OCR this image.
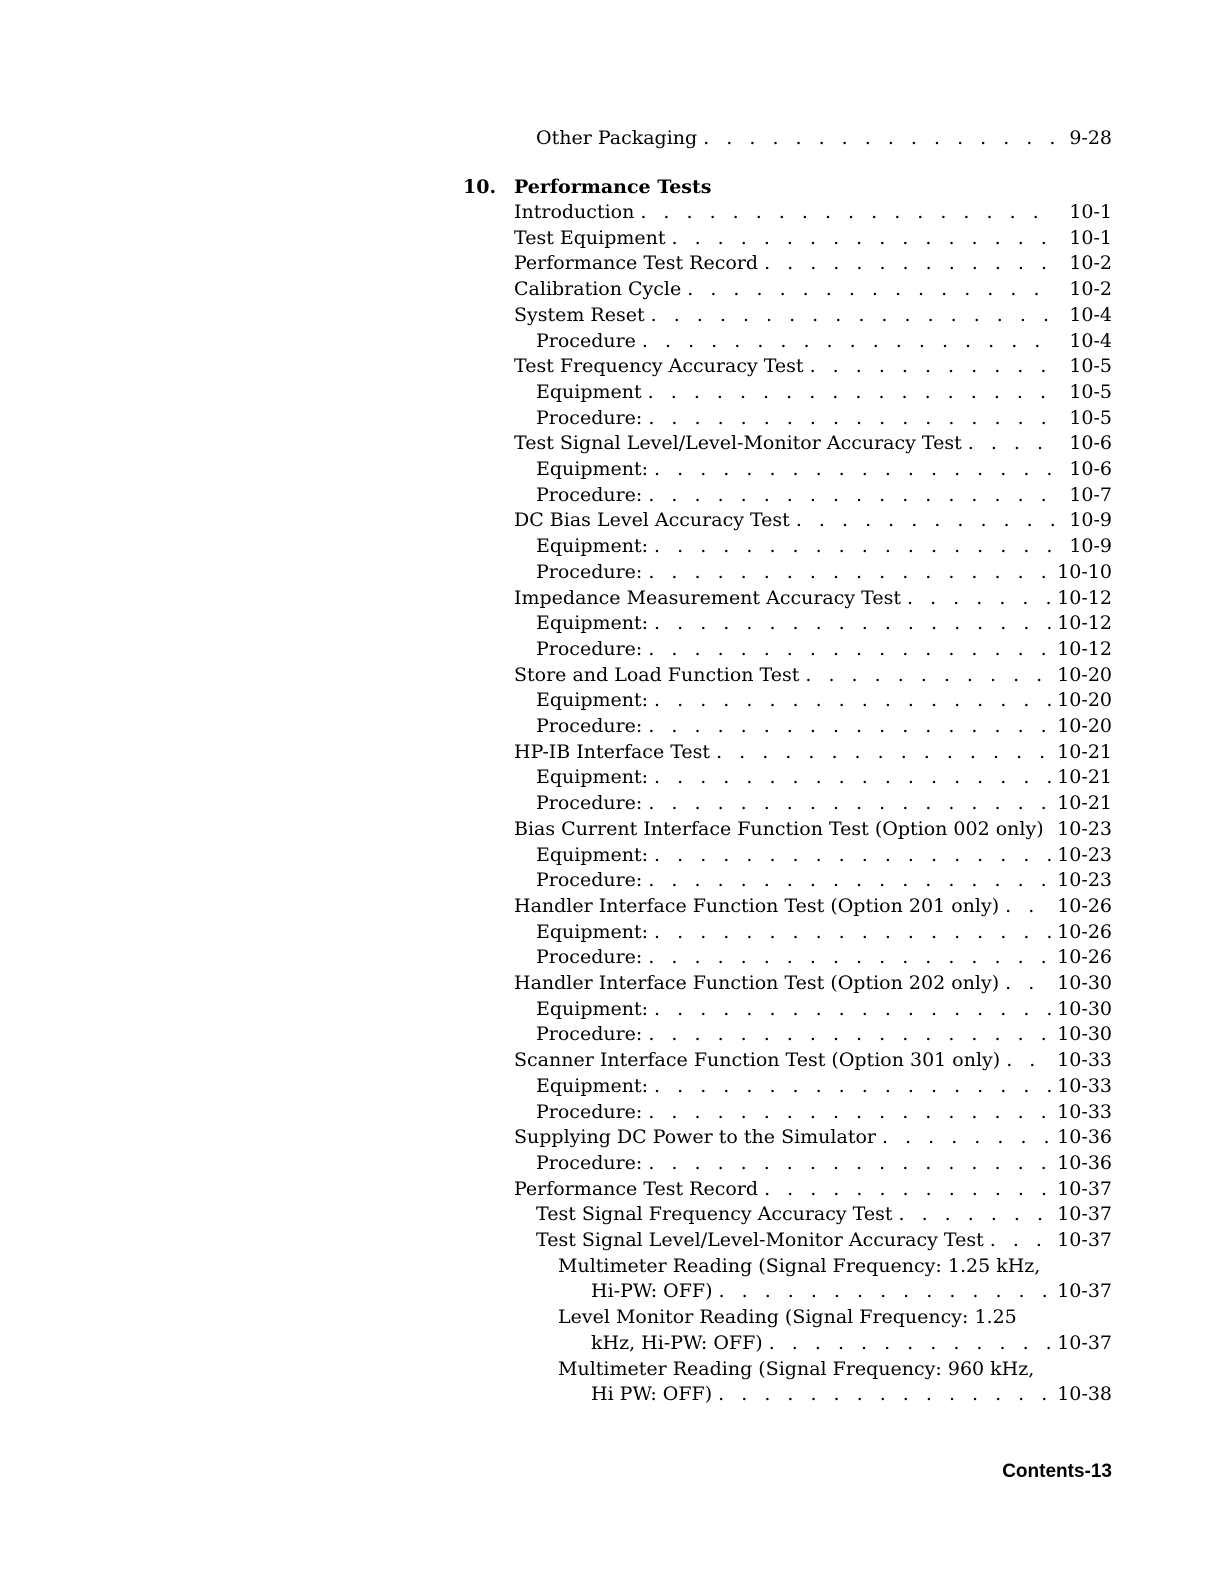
Other Packaging . . .	9-28
10. Performance Tests
Introduction . . .	10-1
Test Equipment . . .	10-1
Performance Test Record . . .	10-2
Calibration Cycle . . .	10-2
System Reset . . .	10-4
Procedure . . .	10-4
Test Frequency Accuracy Test . . .	10-5
Equipment . . .	10-5
Procedure: . . .	10-5
Test Signal Level/Level-Monitor Accuracy Test . . .	10-6
Equipment: . . .	10-6
Procedure: . . .	10-7
DC Bias Level Accuracy Test . . .	10-9
Equipment: . . .	10-9
Procedure: . . .	10-10
Impedance Measurement Accuracy Test . . .	10-12
Equipment: . . .	10-12
Procedure: . . .	10-12
Store and Load Function Test . . .	10-20
Equipment: . . .	10-20
Procedure: . . .	10-20
HP-IB Interface Test . . .	10-21
Equipment: . . .	10-21
Procedure: . . .	10-21
Bias Current Interface Function Test (Option 002 only) . . . 10-23
Equipment: . . .	10-23
Procedure: . . .	10-23
Handler Interface Function Test (Option 201 only) . . .	10-26
Equipment: . . .	10-26
Procedure: . . .	10-26
Handler Interface Function Test (Option 202 only) . . .	10-30
Equipment: . . .	10-30
Procedure: . . .	10-30
Scanner Interface Function Test (Option 301 only) . . .	10-33
Equipment: . . .	10-33
Procedure: . . .	10-33
Supplying DC Power to the Simulator . . .	10-36
Procedure: . . .	10-36
Performance Test Record . . .	10-37
Test Signal Frequency Accuracy Test . . .	10-37
Test Signal Level/Level-Monitor Accuracy Test . . .	10-37
Multimeter Reading (Signal Frequency: 1.25 kHz,
Hi-PW: OFF) . . .	10-37
Level Monitor Reading (Signal Frequency: 1.25
kHz, Hi-PW: OFF) . . .	10-37
Multimeter Reading (Signal Frequency: 960 kHz,
Hi PW: OFF) . . .	10-38
Contents-13
